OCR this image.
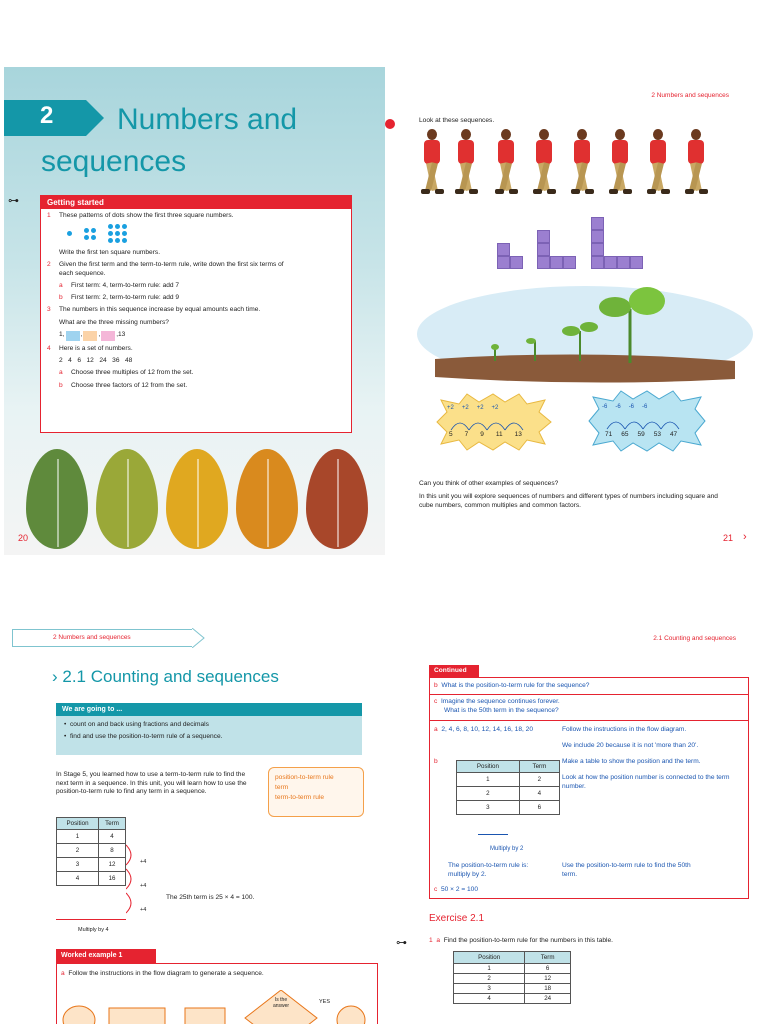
2	Numbers and sequences
⊶	Getting started
1	These patterns of dots show the first three square numbers.
Write the first ten square numbers.
2	Given the first term and the term-to-term rule, write down the first six terms of each sequence.
a	First term: 4, term-to-term rule: add 7
b	First term: 2, term-to-term rule: add 9
3	The numbers in this sequence increase by equal amounts each time.
What are the three missing numbers?
1, ,
, ,13
4	Here is a set of numbers.
2   4   6   12   24   36   48
a	Choose three multiples of 12 from the set.
b	Choose three factors of 12 from the set.
20
2 Numbers and sequences
Look at these sequences.
+2 +2 +2 +2
5 7 9 11 13
-6 -6 -6 -6
71 65 59 53 47
Can you think of other examples of sequences?
In this unit you will explore sequences of numbers and different types of numbers including square and cube numbers, common multiples and common factors.
21 ›
2 Numbers and sequences
› 2.1 Counting and sequences
We are going to ...
•  count on and back using fractions and decimals
•  find and use the position-to-term rule of a sequence.
In Stage 5, you learned how to use a term-to-term rule to find the next term in a sequence. In this unit, you will learn how to use the position-to-term rule to find any term in a sequence.
position-to-term rule
term
term-to-term rule
Position	Term
1	4
2	8
3	12
4	16
+4
+4
+4
The 25th term is 25 × 4 = 100.
Multiply by 4
Worked example 1
a Follow the instructions in the flow diagram to generate a sequence.
Is the answer
YES
2.1 Counting and sequences
Continued
b What is the position-to-term rule for the sequence?
c Imagine the sequence continues forever.
What is the 50th term in the sequence?
a 2, 4, 6, 8, 10, 12, 14, 16, 18, 20	Follow the instructions in the flow diagram.
We include 20 because it is not 'more than 20'.
b	Make a table to show the position and the term.
Look at how the position number is connected to the term number.
Position	Term
1	2
2	4
3	6
Multiply by 2
The position-to-term rule is: multiply by 2.
Use the position-to-term rule to find the 50th term.
c 50 × 2 = 100
Exercise 2.1
⊶	1 a Find the position-to-term rule for the numbers in this table.
Position	Term
1	6
2	12
3	18
4	24
